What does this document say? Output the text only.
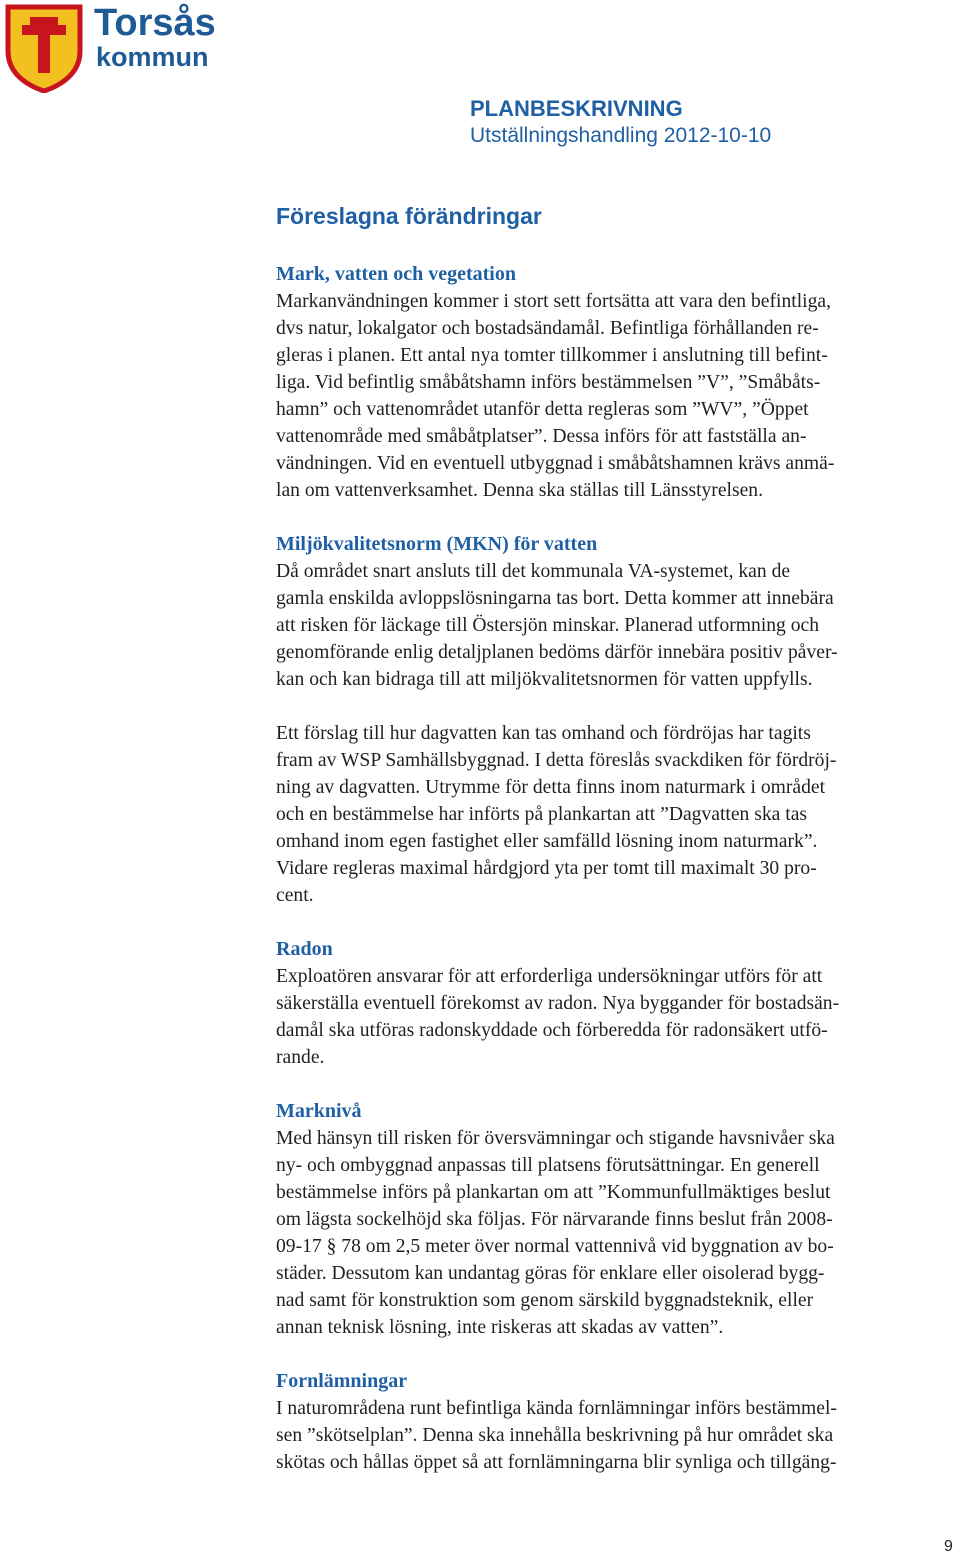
Torsås
kommun
PLANBESKRIVNING
Utställningshandling 2012-10-10
Föreslagna förändringar

Mark, vatten och vegetation

Markanvändningen kommer i stort sett fortsätta att vara den befintliga,
dvs natur, lokalgator och bostadsändamål. Befintliga förhållanden re-
gleras i planen. Ett antal nya tomter tillkommer i anslutning till befint-
liga. Vid befintlig småbåtshamn införs bestämmelsen ”V”, ”Småbåts-
hamn” och vattenområdet utanför detta regleras som ”WV”, ”Öppet
vattenområde med småbåtplatser”. Dessa införs för att fastställa an-
vändningen. Vid en eventuell utbyggnad i småbåtshamnen krävs anmä-
lan om vattenverksamhet. Denna ska ställas till Länsstyrelsen.

Miljökvalitetsnorm (MKN) för vatten

Då området snart ansluts till det kommunala VA-systemet, kan de
gamla enskilda avloppslösningarna tas bort. Detta kommer att innebära
att risken för läckage till Östersjön minskar. Planerad utformning och
genomförande enlig detaljplanen bedöms därför innebära positiv påver-
kan och kan bidraga till att miljökvalitetsnormen för vatten uppfylls.

Ett förslag till hur dagvatten kan tas omhand och fördröjas har tagits
fram av WSP Samhällsbyggnad. I detta föreslås svackdiken för fördröj-
ning av dagvatten. Utrymme för detta finns inom naturmark i området
och en bestämmelse har införts på plankartan att ”Dagvatten ska tas
omhand inom egen fastighet eller samfälld lösning inom naturmark”.
Vidare regleras maximal hårdgjord yta per tomt till maximalt 30 pro-
cent.

Radon

Exploatören ansvarar för att erforderliga undersökningar utförs för att
säkerställa eventuell förekomst av radon. Nya byggander för bostadsän-
damål ska utföras radonskyddade och förberedda för radonsäkert utfö-
rande.

Marknivå

Med hänsyn till risken för översvämningar och stigande havsnivåer ska
ny- och ombyggnad anpassas till platsens förutsättningar. En generell
bestämmelse införs på plankartan om att ”Kommunfullmäktiges beslut
om lägsta sockelhöjd ska följas. För närvarande finns beslut från 2008-
09-17 § 78 om 2,5 meter över normal vattennivå vid byggnation av bo-
städer. Dessutom kan undantag göras för enklare eller oisolerad bygg-
nad samt för konstruktion som genom särskild byggnadsteknik, eller
annan teknisk lösning, inte riskeras att skadas av vatten”.

Fornlämningar

I naturområdena runt befintliga kända fornlämningar införs bestämmel-
sen ”skötselplan”. Denna ska innehålla beskrivning på hur området ska
skötas och hållas öppet så att fornlämningarna blir synliga och tillgäng-

9
